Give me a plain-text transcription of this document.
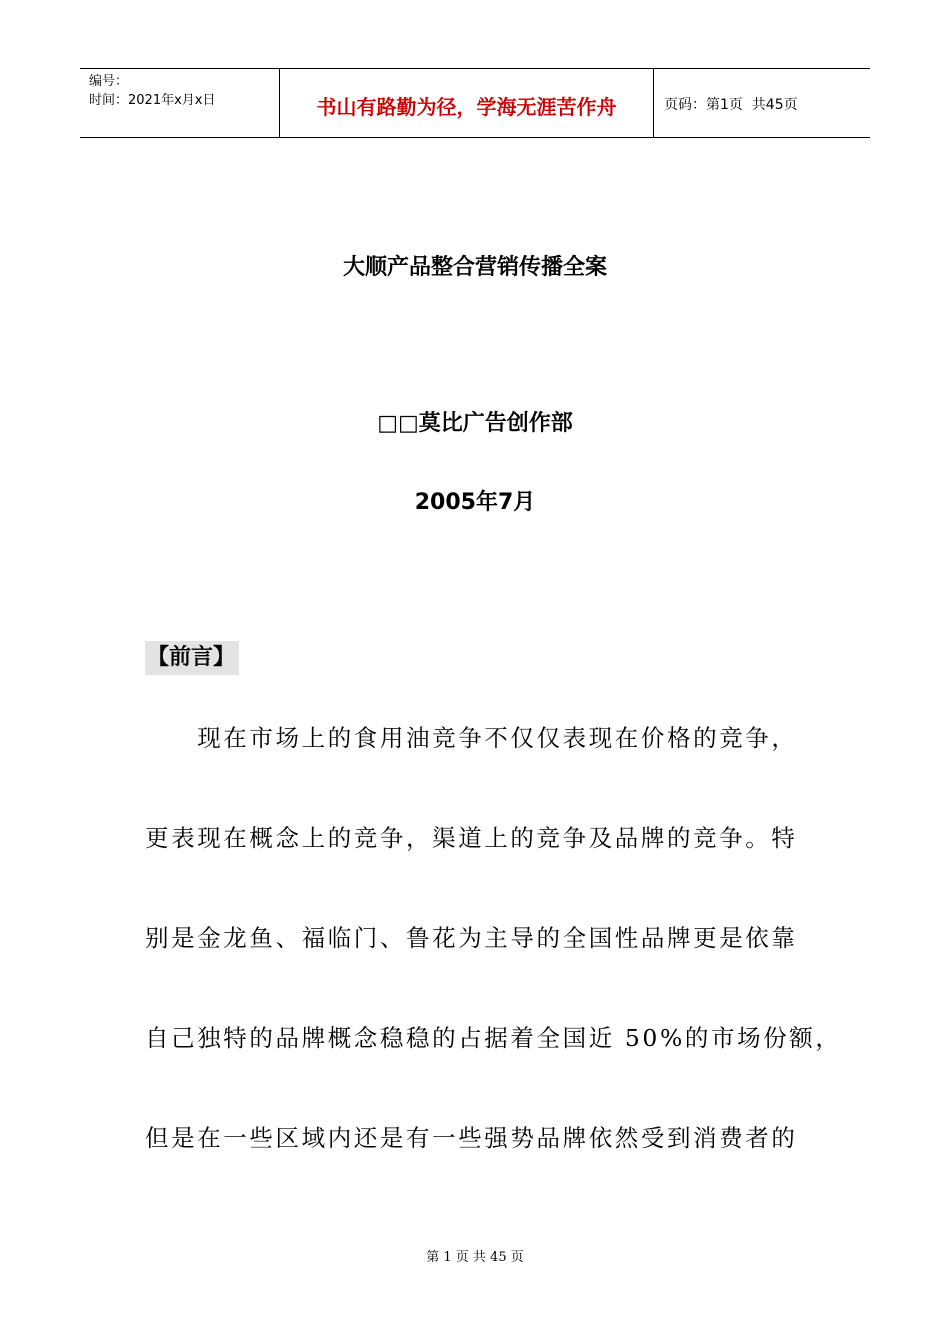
编号：
时间：2021年x月x日	书山有路勤为径，学海无涯苦作舟	页码：第1页  共45页
大顺产品整合营销传播全案
□□莫比广告创作部
2005年7月
【前言】
　　现在市场上的食用油竞争不仅仅表现在价格的竞争，
更表现在概念上的竞争，渠道上的竞争及品牌的竞争。特
别是金龙鱼、福临门、鲁花为主导的全国性品牌更是依靠
自己独特的品牌概念稳稳的占据着全国近 50%的市场份额，
但是在一些区域内还是有一些强势品牌依然受到消费者的
第 1 页 共 45 页
